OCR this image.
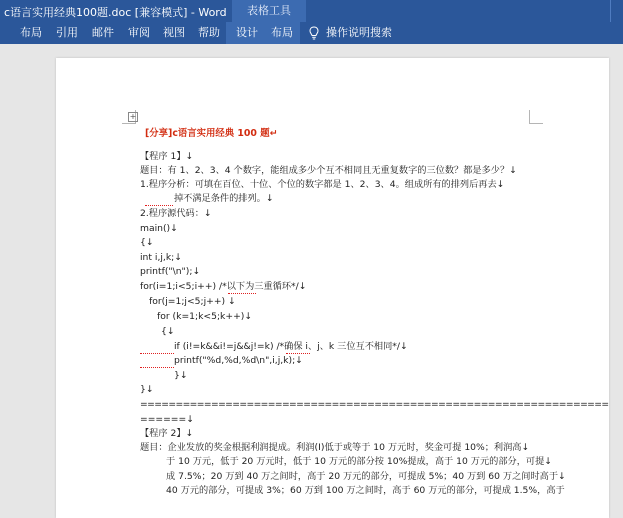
c语言实用经典100题.doc [兼容模式] - Word	表格工具
布局 引用 邮件 审阅 视图 帮助 设计 布局	操作说明搜索
+
[分享]c语言实用经典 100 题↵
【程序 1】↓
题目：有 1、2、3、4 个数字，能组成多少个互不相同且无重复数字的三位数？都是多少？↓
1.程序分析：可填在百位、十位、个位的数字都是 1、2、3、4。组成所有的排列后再去↓
掉不满足条件的排列。↓
2.程序源代码：↓
main()↓
{↓
int i,j,k;↓
printf("\n");↓
for(i=1;i<5;i++) /*以下为三重循环*/↓
for(j=1;j<5;j++) ↓
for (k=1;k<5;k++)↓
{↓
if (i!=k&&i!=j&&j!=k) /*确保 i、j、k 三位互不相同*/↓
printf("%d,%d,%d\n",i,j,k);↓
}↓
}↓
==================================================================
======↓
【程序 2】↓
题目：企业发放的奖金根据利润提成。利润(I)低于或等于 10 万元时，奖金可提 10%；利润高↓
于 10 万元，低于 20 万元时，低于 10 万元的部分按 10%提成，高于 10 万元的部分，可提↓
成 7.5%；20 万到 40 万之间时，高于 20 万元的部分，可提成 5%；40 万到 60 万之间时高于↓
40 万元的部分，可提成 3%；60 万到 100 万之间时，高于 60 万元的部分，可提成 1.5%，高于
